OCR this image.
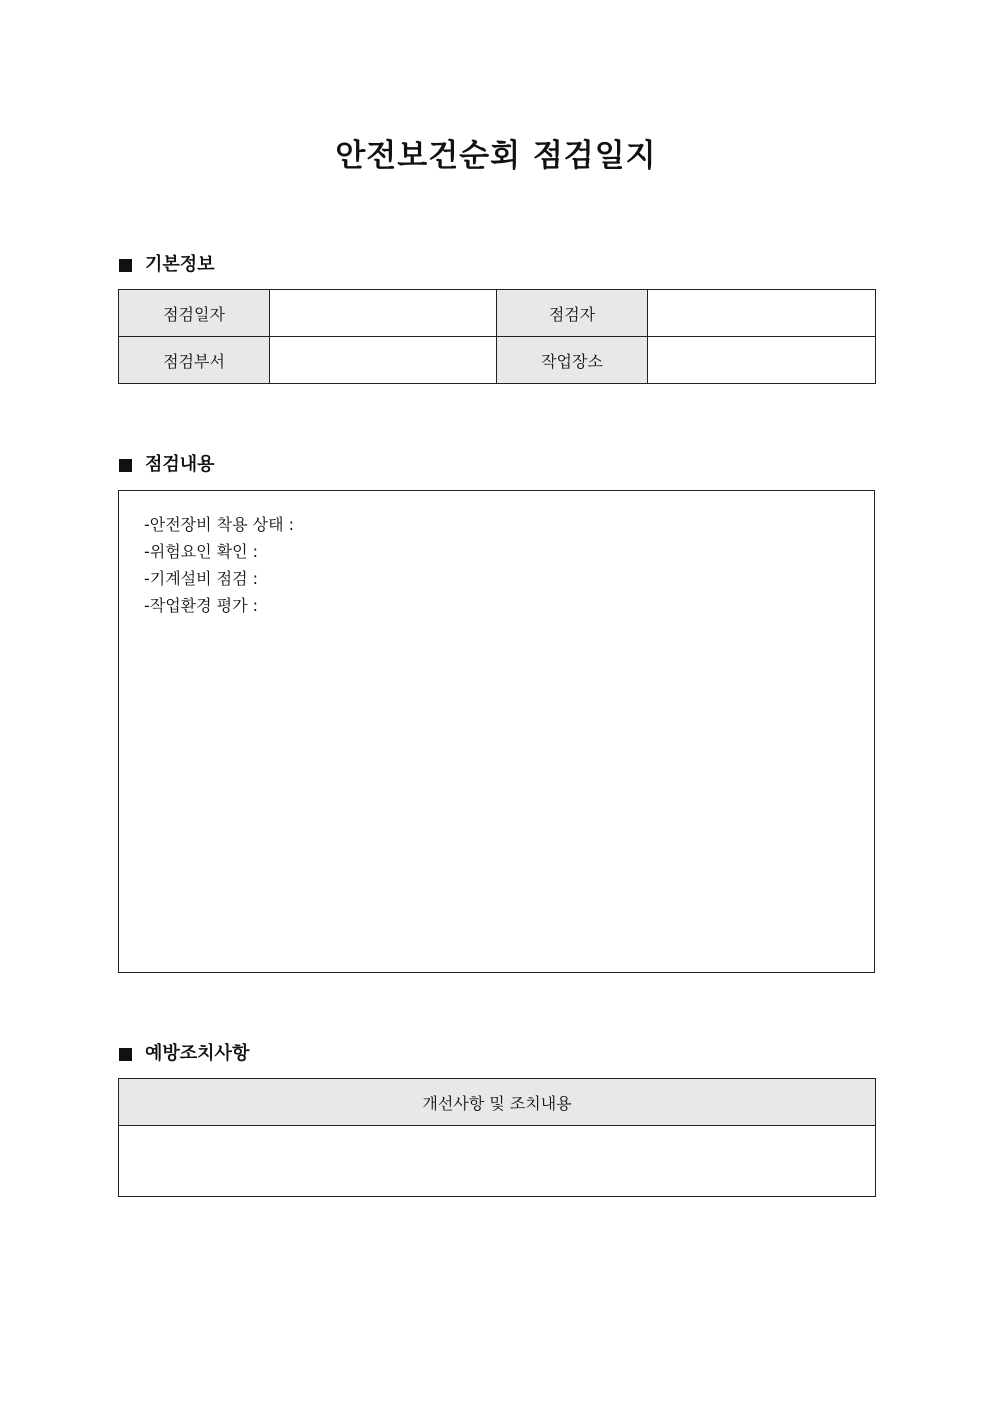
안전보건순회 점검일지
기본정보
점검일자		점검자	
점검부서		작업장소	
점검내용
-안전장비 착용 상태 :
-위험요인 확인 :
-기계설비 점검 :
-작업환경 평가 :
예방조치사항
개선사항 및 조치내용
